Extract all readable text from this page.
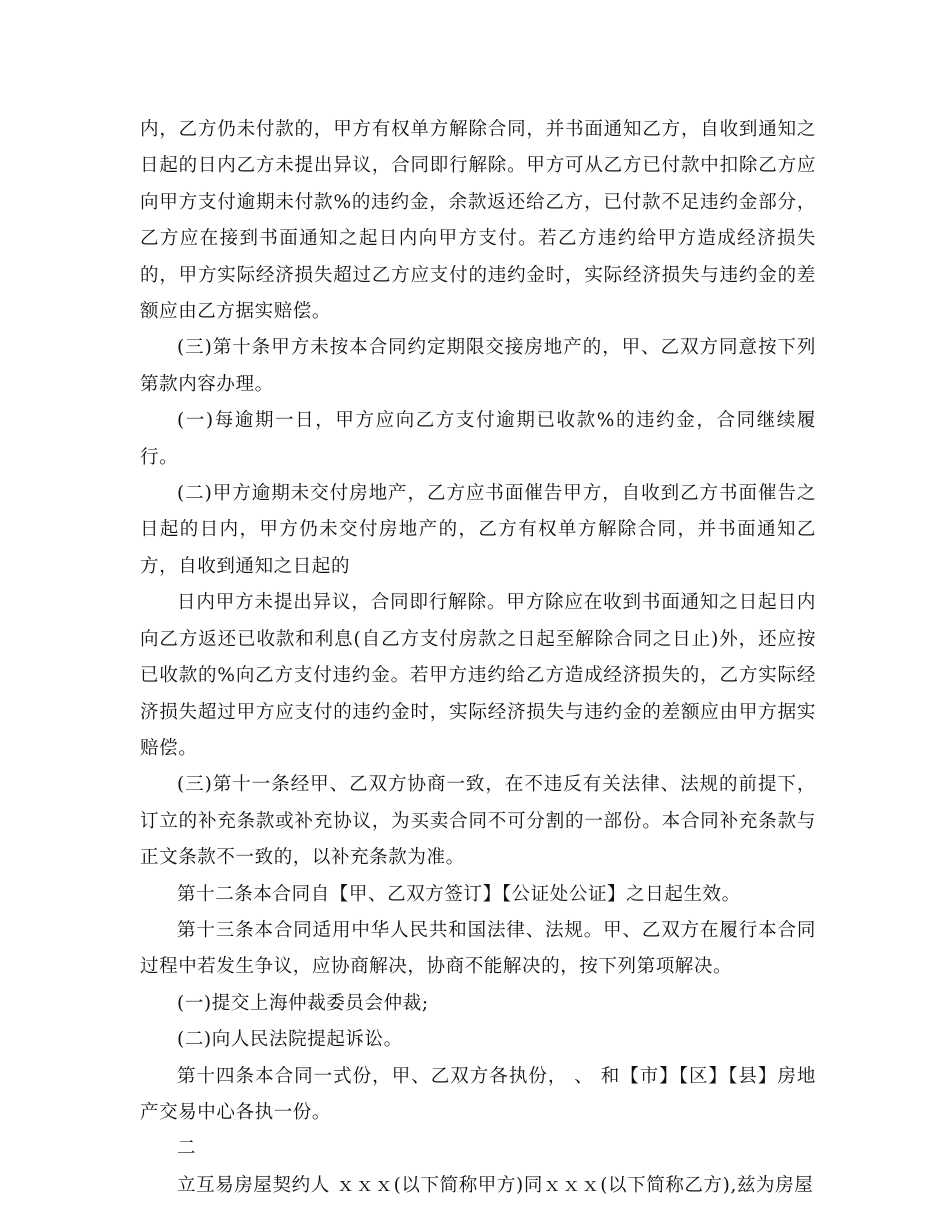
内，乙方仍未付款的，甲方有权单方解除合同，并书面通知乙方，自收到通知之日起的日内乙方未提出异议，合同即行解除。甲方可从乙方已付款中扣除乙方应向甲方支付逾期未付款%的违约金，余款返还给乙方，已付款不足违约金部分，乙方应在接到书面通知之起日内向甲方支付。若乙方违约给甲方造成经济损失的，甲方实际经济损失超过乙方应支付的违约金时，实际经济损失与违约金的差额应由乙方据实赔偿。

(三)第十条甲方未按本合同约定期限交接房地产的，甲、乙双方同意按下列第款内容办理。

(一)每逾期一日，甲方应向乙方支付逾期已收款%的违约金，合同继续履行。

(二)甲方逾期未交付房地产，乙方应书面催告甲方，自收到乙方书面催告之日起的日内，甲方仍未交付房地产的，乙方有权单方解除合同，并书面通知乙方，自收到通知之日起的

日内甲方未提出异议，合同即行解除。甲方除应在收到书面通知之日起日内向乙方返还已收款和利息(自乙方支付房款之日起至解除合同之日止)外，还应按已收款的%向乙方支付违约金。若甲方违约给乙方造成经济损失的，乙方实际经济损失超过甲方应支付的违约金时，实际经济损失与违约金的差额应由甲方据实赔偿。

(三)第十一条经甲、乙双方协商一致，在不违反有关法律、法规的前提下，订立的补充条款或补充协议，为买卖合同不可分割的一部份。本合同补充条款与正文条款不一致的，以补充条款为准。

第十二条本合同自【甲、乙双方签订】【公证处公证】之日起生效。

第十三条本合同适用中华人民共和国法律、法规。甲、乙双方在履行本合同过程中若发生争议，应协商解决，协商不能解决的，按下列第项解决。

(一)提交上海仲裁委员会仲裁;

(二)向人民法院提起诉讼。

第十四条本合同一式份，甲、乙双方各执份， 、 和【市】【区】【县】房地产交易中心各执一份。

二

立互易房屋契约人 ｘｘｘ(以下简称甲方)同ｘｘｘ(以下简称乙方),兹为房屋
